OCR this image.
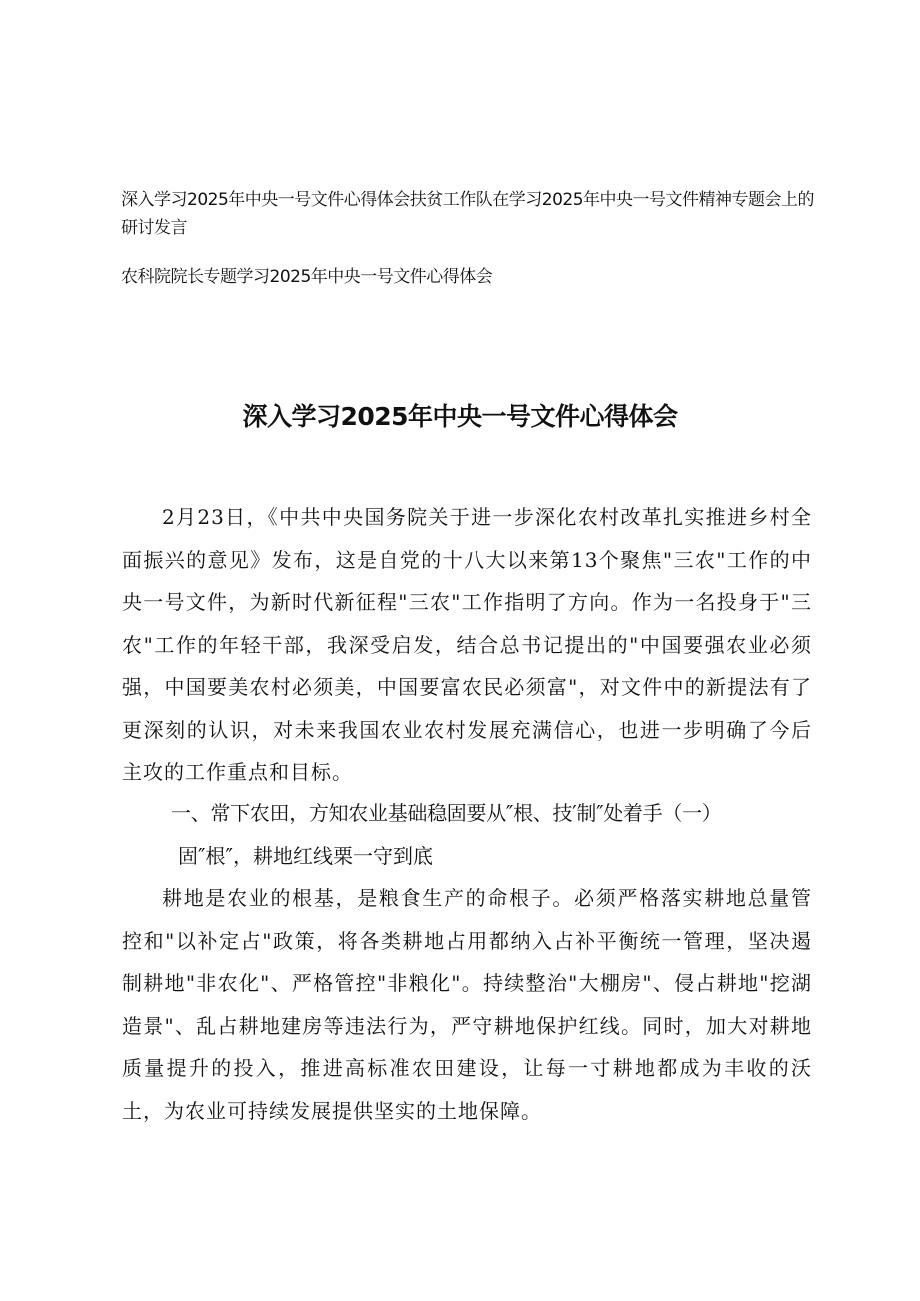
深入学习2025年中央一号文件心得体会扶贫工作队在学习2025年中央一号文件精神专题会上的研讨发言

农科院院长专题学习2025年中央一号文件心得体会

深入学习2025年中央一号文件心得体会

2月23日，《中共中央国务院关于进一步深化农村改革扎实推进乡村全面振兴的意见》发布，这是自党的十八大以来第13个聚焦"三农"工作的中央一号文件，为新时代新征程"三农"工作指明了方向。作为一名投身于"三农"工作的年轻干部，我深受启发，结合总书记提出的"中国要强农业必须强，中国要美农村必须美，中国要富农民必须富"，对文件中的新提法有了更深刻的认识，对未来我国农业农村发展充满信心，也进一步明确了今后主攻的工作重点和目标。

一、常下农田，方知农业基础稳固要从″根、技′制″处着手（一）
固″根″，耕地红线栗一守到底

耕地是农业的根基，是粮食生产的命根子。必须严格落实耕地总量管控和"以补定占"政策，将各类耕地占用都纳入占补平衡统一管理，坚决遏制耕地"非农化"、严格管控"非粮化"。持续整治"大棚房"、侵占耕地"挖湖造景"、乱占耕地建房等违法行为，严守耕地保护红线。同时，加大对耕地质量提升的投入，推进高标准农田建设，让每一寸耕地都成为丰收的沃土，为农业可持续发展提供坚实的土地保障。
